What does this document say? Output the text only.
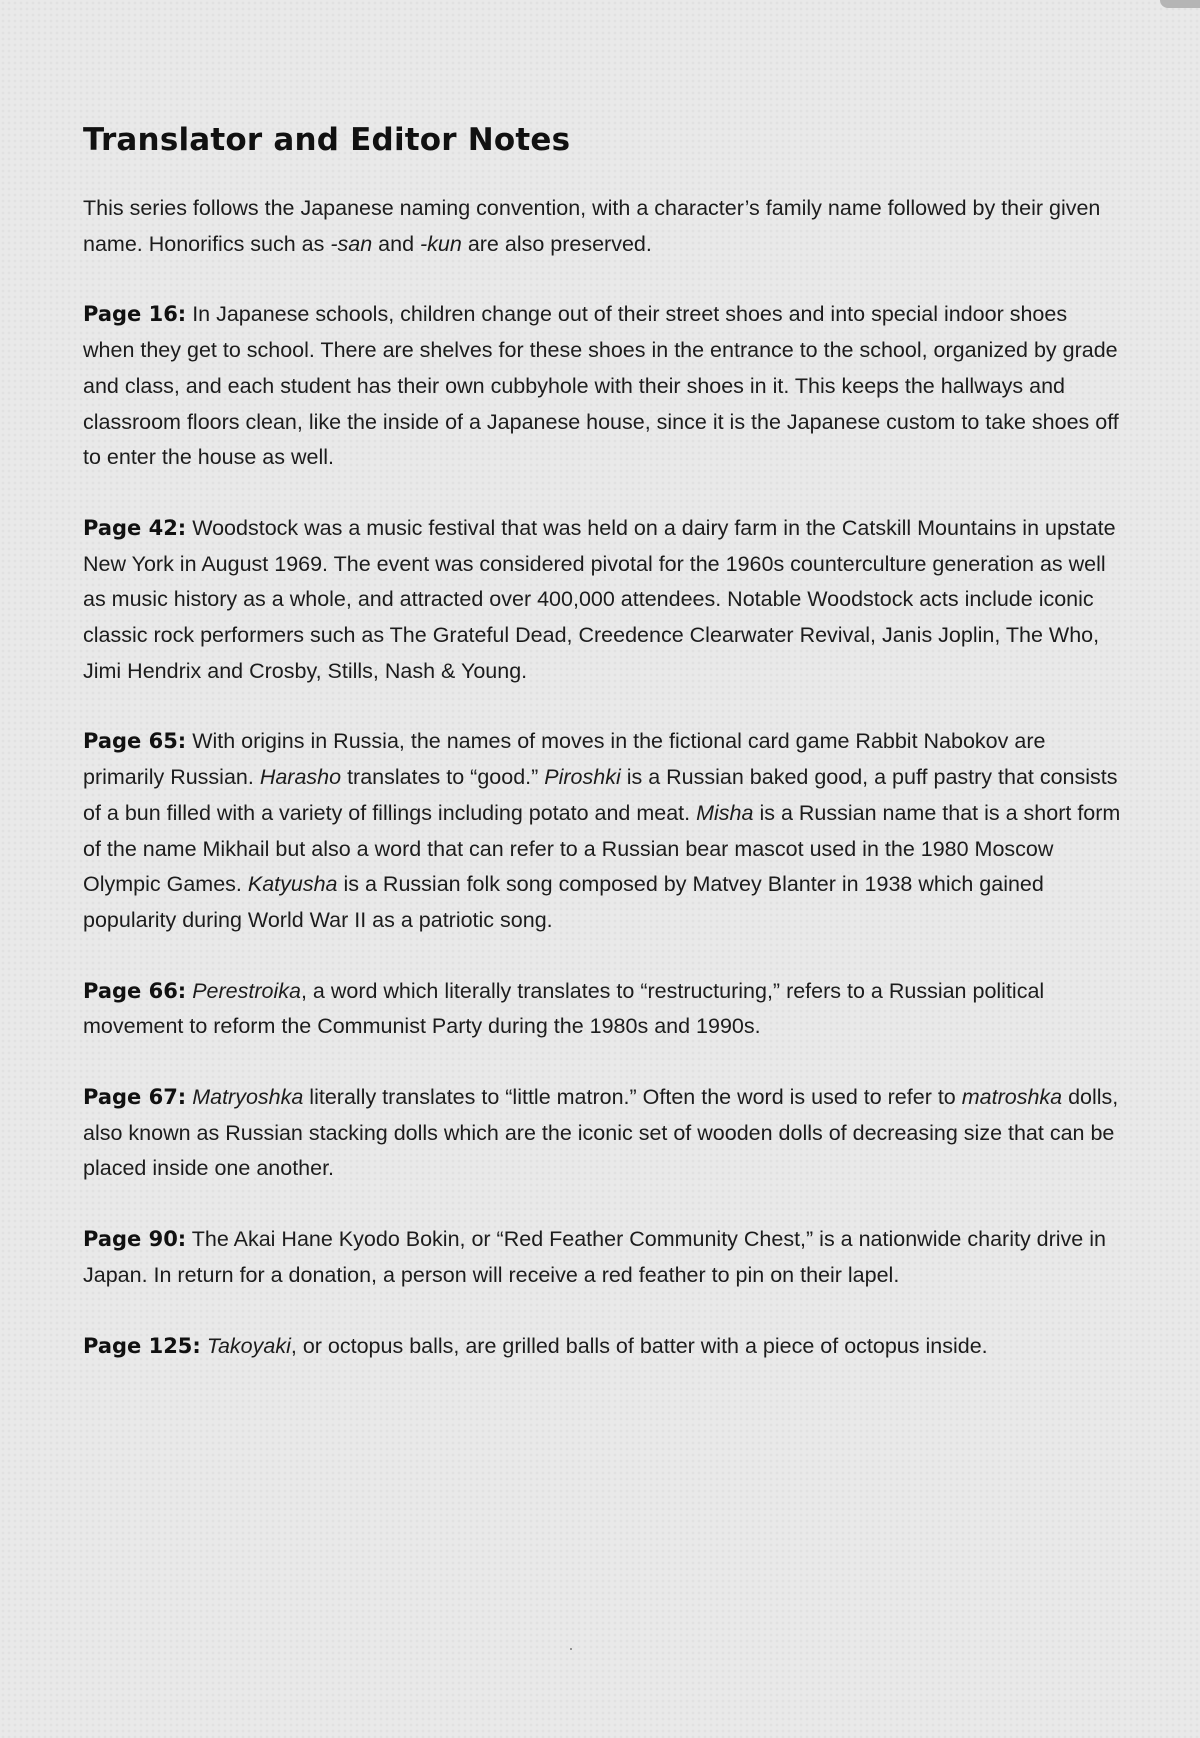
Translator and Editor Notes

This series follows the Japanese naming convention, with a character’s family name followed by their given name. Honorifics such as -san and -kun are also preserved.

Page 16: In Japanese schools, children change out of their street shoes and into special indoor shoes when they get to school. There are shelves for these shoes in the entrance to the school, organized by grade and class, and each student has their own cubbyhole with their shoes in it. This keeps the hallways and classroom floors clean, like the inside of a Japanese house, since it is the Japanese custom to take shoes off to enter the house as well.

Page 42: Woodstock was a music festival that was held on a dairy farm in the Catskill Mountains in upstate New York in August 1969. The event was considered pivotal for the 1960s counterculture generation as well as music history as a whole, and attracted over 400,000 attendees. Notable Woodstock acts include iconic classic rock performers such as The Grateful Dead, Creedence Clearwater Revival, Janis Joplin, The Who, Jimi Hendrix and Crosby, Stills, Nash & Young.

Page 65: With origins in Russia, the names of moves in the fictional card game Rabbit Nabokov are primarily Russian. Harasho translates to “good.” Piroshki is a Russian baked good, a puff pastry that consists of a bun filled with a variety of fillings including potato and meat. Misha is a Russian name that is a short form of the name Mikhail but also a word that can refer to a Russian bear mascot used in the 1980 Moscow Olympic Games. Katyusha is a Russian folk song composed by Matvey Blanter in 1938 which gained popularity during World War II as a patriotic song.

Page 66: Perestroika, a word which literally translates to “restructuring,” refers to a Russian political movement to reform the Communist Party during the 1980s and 1990s.

Page 67: Matryoshka literally translates to “little matron.” Often the word is used to refer to matroshka dolls, also known as Russian stacking dolls which are the iconic set of wooden dolls of decreasing size that can be placed inside one another.

Page 90: The Akai Hane Kyodo Bokin, or “Red Feather Community Chest,” is a nationwide charity drive in Japan. In return for a donation, a person will receive a red feather to pin on their lapel.

Page 125: Takoyaki, or octopus balls, are grilled balls of batter with a piece of octopus inside.
